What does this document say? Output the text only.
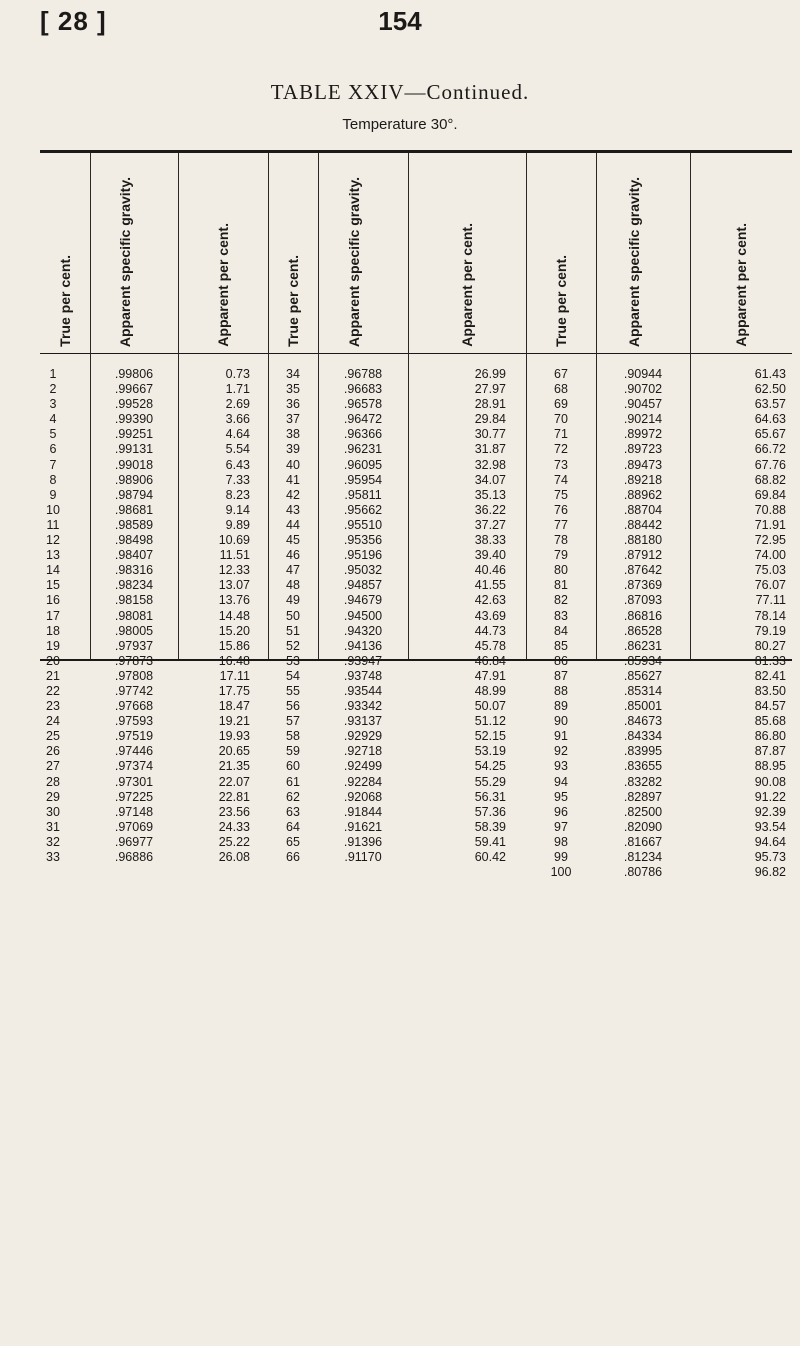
[ 28 ]	154
TABLE XXIV—Continued.
Temperature 30°.
True per cent.	Apparent specific gravity.	Apparent per cent.	True per cent.	Apparent specific gravity.	Apparent per cent.	True per cent.	Apparent specific gravity.	Apparent per cent.
1	.99806	0.73	34	.96788	26.99	67	.90944	61.43
2	.99667	1.71	35	.96683	27.97	68	.90702	62.50
3	.99528	2.69	36	.96578	28.91	69	.90457	63.57
4	.99390	3.66	37	.96472	29.84	70	.90214	64.63
5	.99251	4.64	38	.96366	30.77	71	.89972	65.67
6	.99131	5.54	39	.96231	31.87	72	.89723	66.72
7	.99018	6.43	40	.96095	32.98	73	.89473	67.76
8	.98906	7.33	41	.95954	34.07	74	.89218	68.82
9	.98794	8.23	42	.95811	35.13	75	.88962	69.84
10	.98681	9.14	43	.95662	36.22	76	.88704	70.88
11	.98589	9.89	44	.95510	37.27	77	.88442	71.91
12	.98498	10.69	45	.95356	38.33	78	.88180	72.95
13	.98407	11.51	46	.95196	39.40	79	.87912	74.00
14	.98316	12.33	47	.95032	40.46	80	.87642	75.03
15	.98234	13.07	48	.94857	41.55	81	.87369	76.07
16	.98158	13.76	49	.94679	42.63	82	.87093	77.11
17	.98081	14.48	50	.94500	43.69	83	.86816	78.14
18	.98005	15.20	51	.94320	44.73	84	.86528	79.19
19	.97937	15.86	52	.94136	45.78	85	.86231	80.27
20	.97873	16.48	53	.93947	46.84	86	.85934	81.33
21	.97808	17.11	54	.93748	47.91	87	.85627	82.41
22	.97742	17.75	55	.93544	48.99	88	.85314	83.50
23	.97668	18.47	56	.93342	50.07	89	.85001	84.57
24	.97593	19.21	57	.93137	51.12	90	.84673	85.68
25	.97519	19.93	58	.92929	52.15	91	.84334	86.80
26	.97446	20.65	59	.92718	53.19	92	.83995	87.87
27	.97374	21.35	60	.92499	54.25	93	.83655	88.95
28	.97301	22.07	61	.92284	55.29	94	.83282	90.08
29	.97225	22.81	62	.92068	56.31	95	.82897	91.22
30	.97148	23.56	63	.91844	57.36	96	.82500	92.39
31	.97069	24.33	64	.91621	58.39	97	.82090	93.54
32	.96977	25.22	65	.91396	59.41	98	.81667	94.64
33	.96886	26.08	66	.91170	60.42	99	.81234	95.73
100	.80786	96.82
